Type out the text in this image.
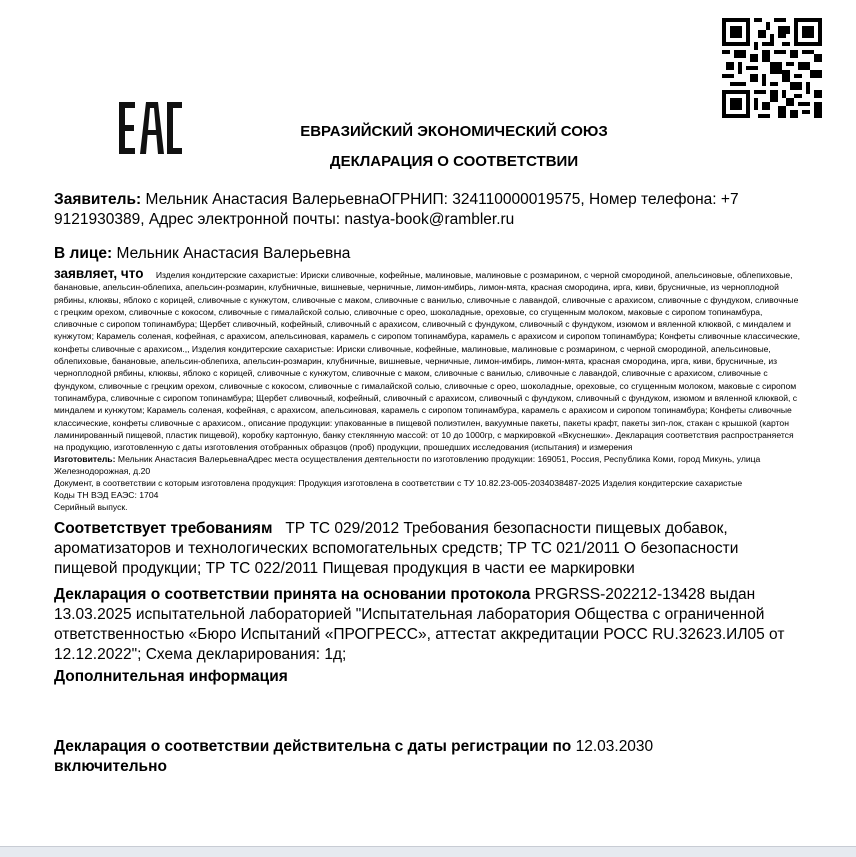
ЕВРАЗИЙСКИЙ ЭКОНОМИЧЕСКИЙ СОЮЗ
ДЕКЛАРАЦИЯ О СООТВЕТСТВИИ

Заявитель: Мельник Анастасия ВалерьевнаОГРНИП: 324110000019575, Номер телефона: +7 9121930389, Адрес электронной почты: nastya-book@rambler.ru

В лице: Мельник Анастасия Валерьевна

заявляет, что Изделия кондитерские сахаристые: Ириски сливочные, кофейные, малиновые, малиновые с розмарином, с черной смородиной, апельсиновые, облепиховые, банановые, апельсин-облепиха, апельсин-розмарин, клубничные, вишневые, черничные, лимон-имбирь, лимон-мята, красная смородина, ирга, киви, брусничные, из черноплодной рябины, клюквы, яблоко с корицей, сливочные с кунжутом, сливочные с маком, сливочные с ванилью, сливочные с лавандой, сливочные с арахисом, сливочные с фундуком, сливочные с грецким орехом, сливочные с кокосом, сливочные с гималайской солью, сливочные с орео, шоколадные, ореховые, со сгущенным молоком, маковые с сиропом топинамбура, сливочные с сиропом топинамбура; Щербет сливочный, кофейный, сливочный с арахисом, сливочный с фундуком, сливочный с фундуком, изюмом и вяленной клюквой, с миндалем и кунжутом; Карамель соленая, кофейная, с арахисом, апельсиновая, карамель с сиропом топинамбура, карамель с арахисом и сиропом топинамбура; Конфеты сливочные классические, конфеты сливочные с арахисом.,, Изделия кондитерские сахаристые: Ириски сливочные, кофейные, малиновые, малиновые с розмарином, с черной смородиной, апельсиновые, облепиховые, банановые, апельсин-облепиха, апельсин-розмарин, клубничные, вишневые, черничные, лимон-имбирь, лимон-мята, красная смородина, ирга, киви, брусничные, из черноплодной рябины, клюквы, яблоко с корицей, сливочные с кунжутом, сливочные с маком, сливочные с ванилью, сливочные с лавандой, сливочные с арахисом, сливочные с фундуком, сливочные с грецким орехом, сливочные с кокосом, сливочные с гималайской солью, сливочные с орео, шоколадные, ореховые, со сгущенным молоком, маковые с сиропом топинамбура, сливочные с сиропом топинамбура; Щербет сливочный, кофейный, сливочный с арахисом, сливочный с фундуком, сливочный с фундуком, изюмом и вяленной клюквой, с миндалем и кунжутом; Карамель соленая, кофейная, с арахисом, апельсиновая, карамель с сиропом топинамбура, карамель с арахисом и сиропом топинамбура; Конфеты сливочные классические, конфеты сливочные с арахисом., описание продукции: упакованные в пищевой полиэтилен, вакуумные пакеты, пакеты крафт, пакеты зип-лок, стакан с крышкой (картон ламинированный пищевой, пластик пищевой), коробку картонную, банку стеклянную массой: от 10 до 1000гр, с маркировкой «Вкуснешки». Декларация соответствия распространяется на продукцию, изготовленную с даты изготовления отобранных образцов (проб) продукции, прошедших исследования (испытания) и измерения

Изготовитель: Мельник Анастасия ВалерьевнаАдрес места осуществления деятельности по изготовлению продукции: 169051, Россия, Республика Коми, город Микунь, улица Железнодорожная, д.20

Документ, в соответствии с которым изготовлена продукция: Продукция изготовлена в соответствии с ТУ 10.82.23-005-2034038487-2025 Изделия кондитерские сахаристые

Коды ТН ВЭД ЕАЭС: 1704

Серийный выпуск.

Соответствует требованиям ТР ТС 029/2012 Требования безопасности пищевых добавок, ароматизаторов и технологических вспомогательных средств; ТР ТС 021/2011 О безопасности пищевой продукции; ТР ТС 022/2011 Пищевая продукция в части ее маркировки

Декларация о соответствии принята на основании протокола PRGRSS-202212-13428 выдан 13.03.2025 испытательной лабораторией "Испытательная лаборатория Общества с ограниченной ответственностью «Бюро Испытаний «ПРОГРЕСС», аттестат аккредитации РОСС RU.32623.ИЛ05 от 12.12.2022"; Схема декларирования: 1д;

Дополнительная информация

Декларация о соответствии действительна с даты регистрации по 12.03.2030
включительно
